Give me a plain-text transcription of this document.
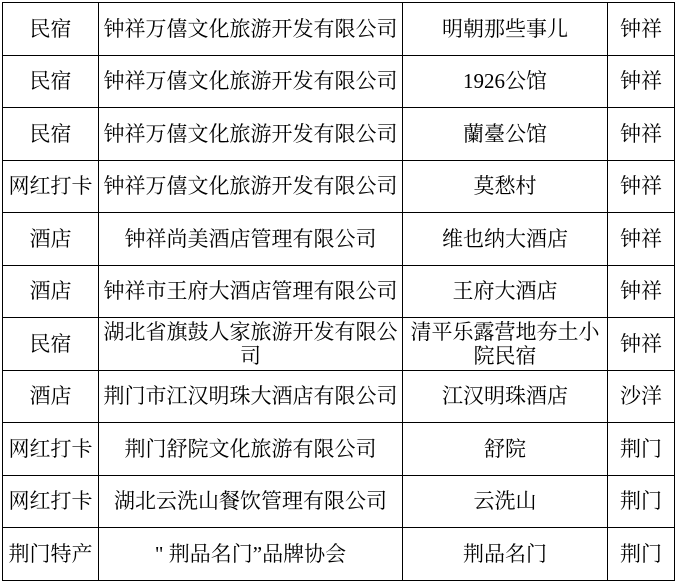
民宿	钟祥万僖文化旅游开发有限公司	明朝那些事儿	钟祥
民宿	钟祥万僖文化旅游开发有限公司	1926公馆	钟祥
民宿	钟祥万僖文化旅游开发有限公司	蘭臺公馆	钟祥
网红打卡	钟祥万僖文化旅游开发有限公司	莫愁村	钟祥
酒店	钟祥尚美酒店管理有限公司	维也纳大酒店	钟祥
酒店	钟祥市王府大酒店管理有限公司	王府大酒店	钟祥
民宿	湖北省旗鼓人家旅游开发有限公司	清平乐露营地夯土小院民宿	钟祥
酒店	荆门市江汉明珠大酒店有限公司	江汉明珠酒店	沙洋
网红打卡	荆门舒院文化旅游有限公司	舒院	荆门
网红打卡	湖北云洗山餐饮管理有限公司	云洗山	荆门
荆门特产	" 荆品名门”品牌协会	荆品名门	荆门
